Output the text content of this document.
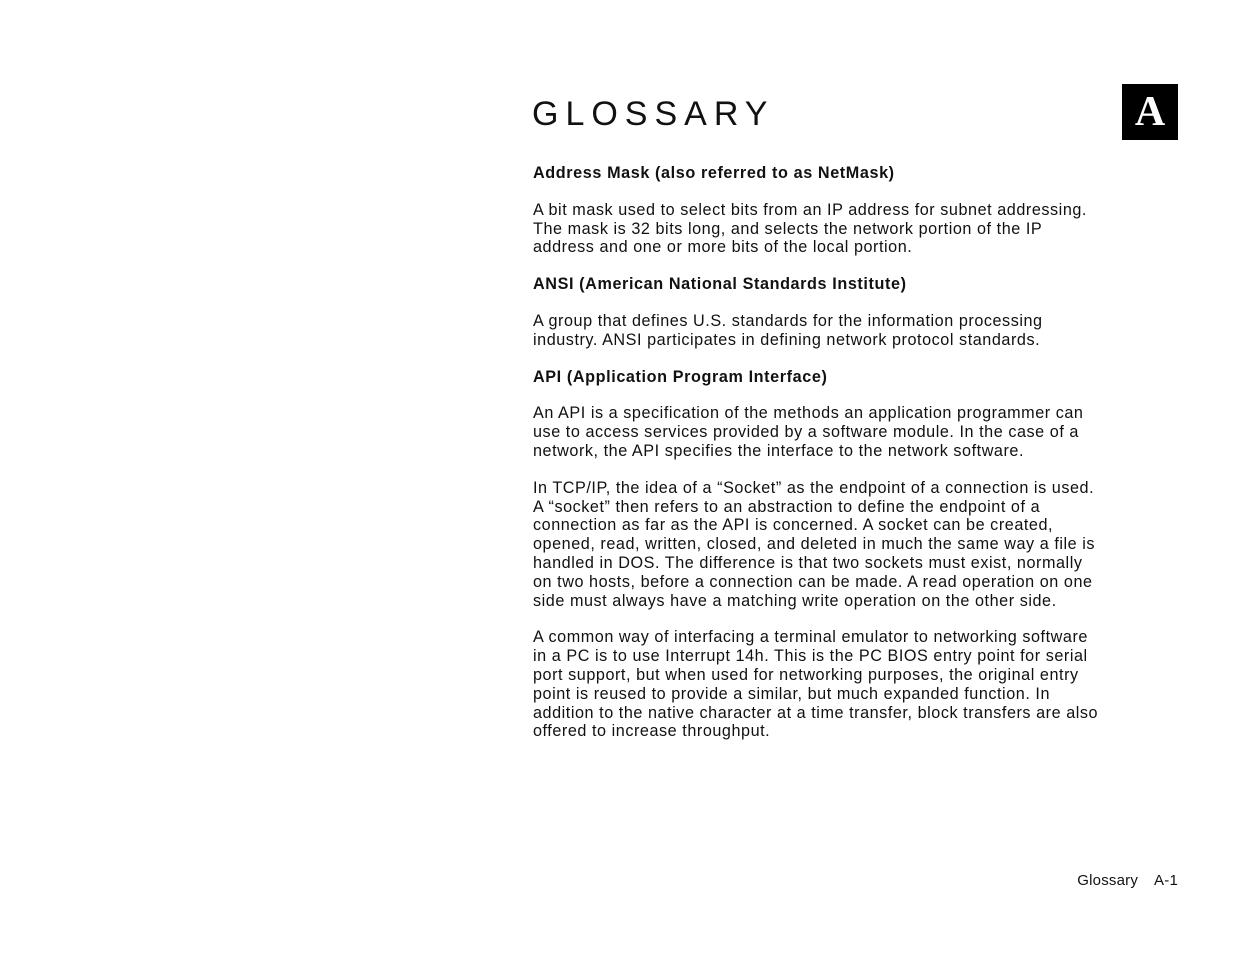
GLOSSARY	A
Address Mask (also referred to as NetMask)
A bit mask used to select bits from an IP address for subnet addressing.
The mask is 32 bits long, and selects the network portion of the IP
address and one or more bits of the local portion.
ANSI (American National Standards Institute)
A group that defines U.S. standards for the information processing
industry. ANSI participates in defining network protocol standards.
API (Application Program Interface)
An API is a specification of the methods an application programmer can
use to access services provided by a software module. In the case of a
network, the API specifies the interface to the network software.
In TCP/IP, the idea of a “Socket” as the endpoint of a connection is used.
A “socket” then refers to an abstraction to define the endpoint of a
connection as far as the API is concerned. A socket can be created,
opened, read, written, closed, and deleted in much the same way a file is
handled in DOS. The difference is that two sockets must exist, normally
on two hosts, before a connection can be made. A read operation on one
side must always have a matching write operation on the other side.
A common way of interfacing a terminal emulator to networking software
in a PC is to use Interrupt 14h. This is the PC BIOS entry point for serial
port support, but when used for networking purposes, the original entry
point is reused to provide a similar, but much expanded function. In
addition to the native character at a time transfer, block transfers are also
offered to increase throughput.
Glossary A-1
